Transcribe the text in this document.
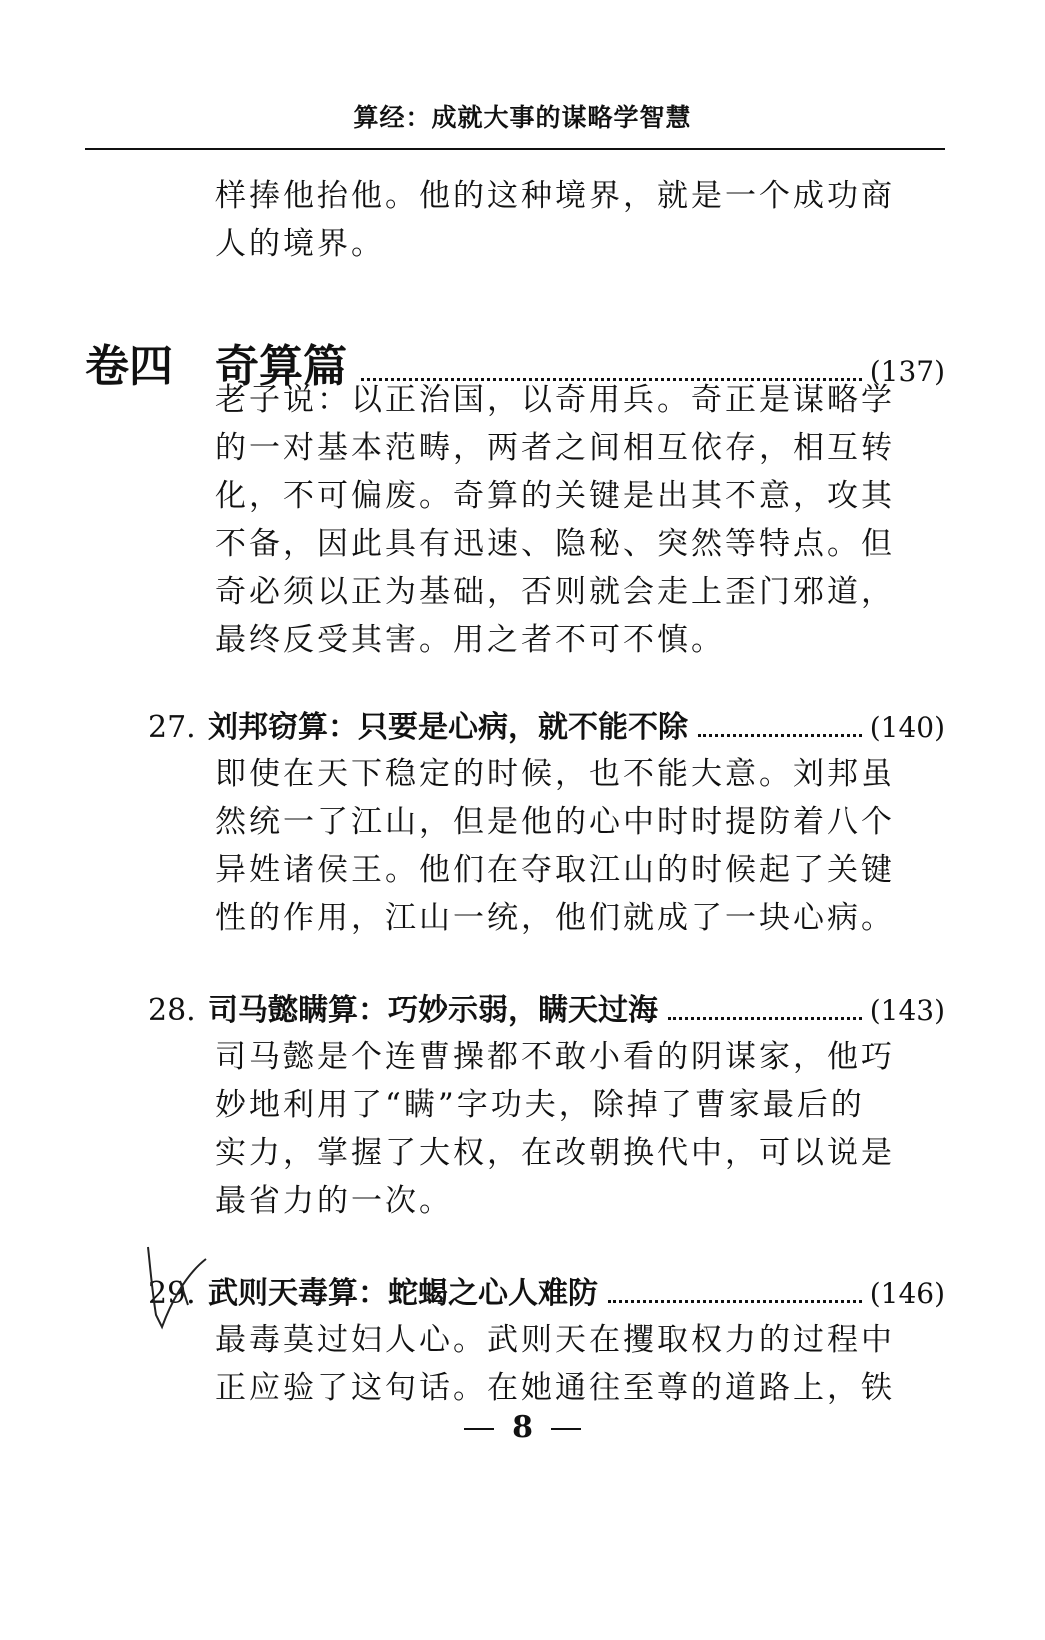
算经：成就大事的谋略学智慧
样捧他抬他。他的这种境界，就是一个成功商
人的境界。
卷四 奇算篇	(137)
老子说：以正治国，以奇用兵。奇正是谋略学
的一对基本范畴，两者之间相互依存，相互转
化，不可偏废。奇算的关键是出其不意，攻其
不备，因此具有迅速、隐秘、突然等特点。但
奇必须以正为基础，否则就会走上歪门邪道，
最终反受其害。用之者不可不慎。
27. 刘邦窃算：只要是心病，就不能不除	(140)
即使在天下稳定的时候，也不能大意。刘邦虽
然统一了江山，但是他的心中时时提防着八个
异姓诸侯王。他们在夺取江山的时候起了关键
性的作用，江山一统，他们就成了一块心病。
28. 司马懿瞒算：巧妙示弱，瞒天过海	(143)
司马懿是个连曹操都不敢小看的阴谋家，他巧
妙地利用了“瞒”字功夫，除掉了曹家最后的
实力，掌握了大权，在改朝换代中，可以说是
最省力的一次。
29. 武则天毒算：蛇蝎之心人难防	(146)
最毒莫过妇人心。武则天在攫取权力的过程中
正应验了这句话。在她通往至尊的道路上，铁
8
